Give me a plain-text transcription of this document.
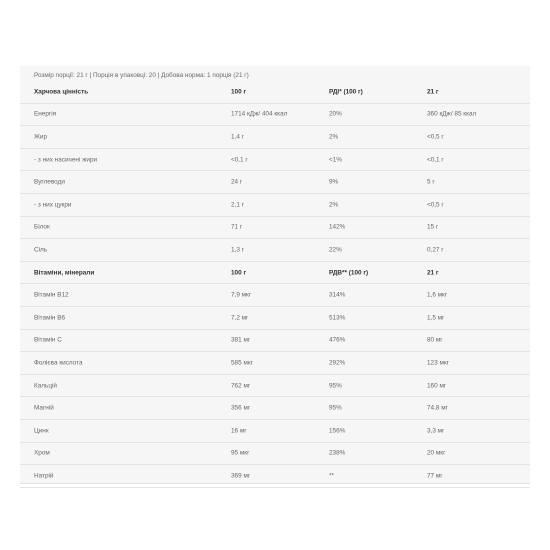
Розмір порції: 21 г | Порція в упаковці: 20 | Добова норма: 1 порція (21 г)
Харчова цінність	100 г	РДІ* (100 г)	21 г
Енергія	1714 кДж/ 404 ккал	20%	360 кДж/ 85 ккал
Жир	1,4 г	2%	<0,5 г
- з них насичені жири	<0,1 г	<1%	<0,1 г
Вуглеводи	24 г	9%	5 г
- з них цукри	2,1 г	2%	<0,5 г
Білок	71 г	142%	15 г
Сіль	1,3 г	22%	0,27 г
Вітаміни, мінерали	100 г	РДВ** (100 г)	21 г
Вітамін B12	7,9 мкг	314%	1,6 мкг
Вітамін B6	7,2 мг	513%	1,5 мг
Вітамін C	381 мг	476%	80 мг
Фолієва кислота	585 мкг	292%	123 мкг
Кальцій	762 мг	95%	160 мг
Магній	356 мг	95%	74,8 мг
Цинк	16 мг	156%	3,3 мг
Хром	95 мкг	238%	20 мкг
Натрій	369 мг	**	77 мг
